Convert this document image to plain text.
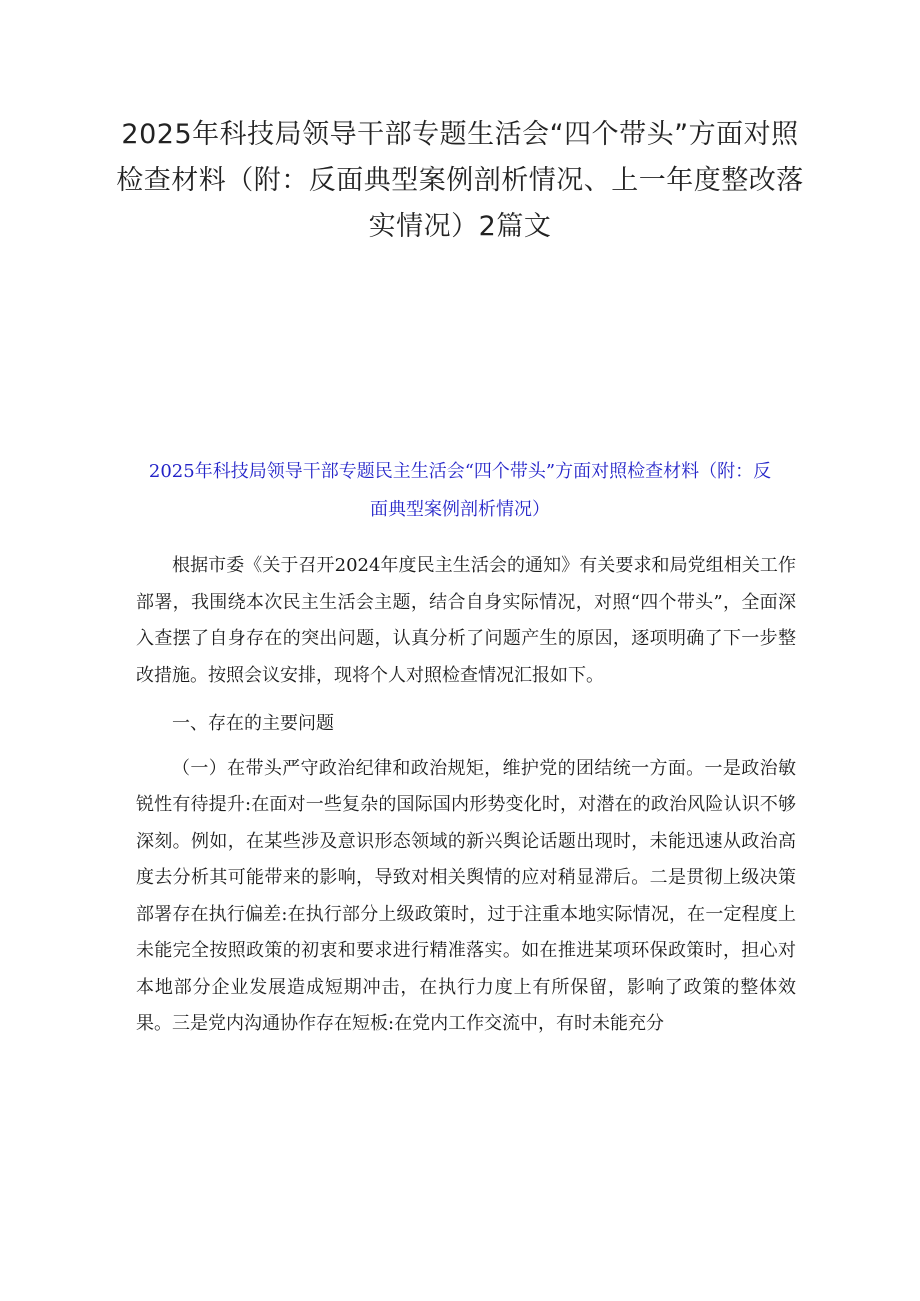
2025年科技局领导干部专题生活会“四个带头”方面对照检查材料（附：反面典型案例剖析情况、上一年度整改落实情况）2篇文
2025年科技局领导干部专题民主生活会“四个带头”方面对照检查材料（附：反面典型案例剖析情况）

根据市委《关于召开2024年度民主生活会的通知》有关要求和局党组相关工作部署，我围绕本次民主生活会主题，结合自身实际情况，对照“四个带头”，全面深入查摆了自身存在的突出问题，认真分析了问题产生的原因，逐项明确了下一步整改措施。按照会议安排，现将个人对照检查情况汇报如下。

一、存在的主要问题

（一）在带头严守政治纪律和政治规矩，维护党的团结统一方面。一是政治敏锐性有待提升:在面对一些复杂的国际国内形势变化时，对潜在的政治风险认识不够深刻。例如，在某些涉及意识形态领域的新兴舆论话题出现时，未能迅速从政治高度去分析其可能带来的影响，导致对相关舆情的应对稍显滞后。二是贯彻上级决策部署存在执行偏差:在执行部分上级政策时，过于注重本地实际情况，在一定程度上未能完全按照政策的初衷和要求进行精准落实。如在推进某项环保政策时，担心对本地部分企业发展造成短期冲击，在执行力度上有所保留，影响了政策的整体效果。三是党内沟通协作存在短板:在党内工作交流中，有时未能充分
